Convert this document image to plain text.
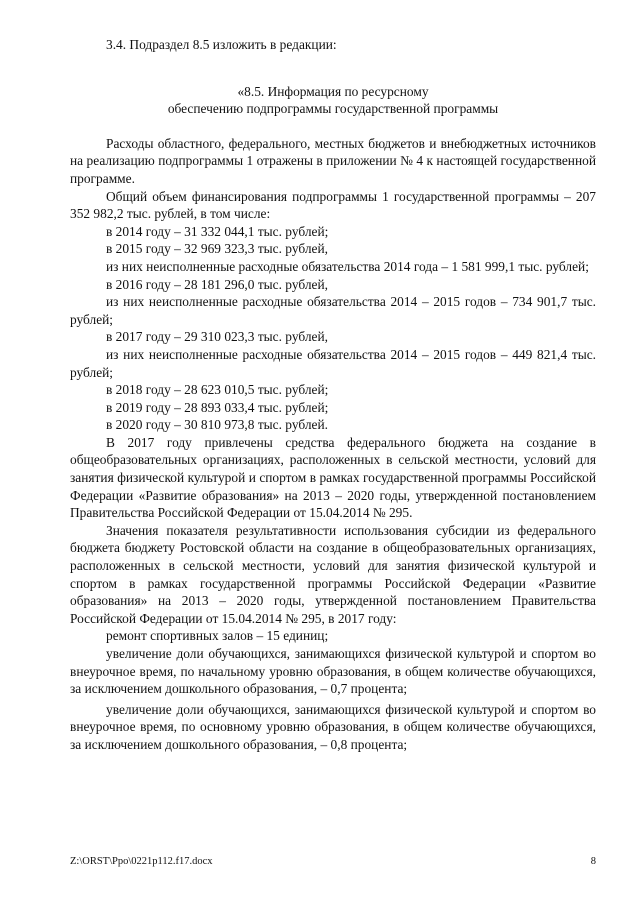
3.4. Подраздел 8.5 изложить в редакции:

«8.5. Информация по ресурсному

обеспечению подпрограммы государственной программы

Расходы областного, федерального, местных бюджетов и внебюджетных источников на реализацию подпрограммы 1 отражены в приложении № 4 к настоящей государственной программе.

Общий объем финансирования подпрограммы 1 государственной программы – 207 352 982,2 тыс. рублей, в том числе:

в 2014 году – 31 332 044,1 тыс. рублей;

в 2015 году – 32 969 323,3 тыс. рублей,

из них неисполненные расходные обязательства 2014 года – 1 581 999,1 тыс. рублей;

в 2016 году – 28 181 296,0 тыс. рублей,

из них неисполненные расходные обязательства 2014 – 2015 годов – 734 901,7 тыс. рублей;

в 2017 году – 29 310 023,3 тыс. рублей,

из них неисполненные расходные обязательства 2014 – 2015 годов – 449 821,4 тыс. рублей;

в 2018 году – 28 623 010,5 тыс. рублей;

в 2019 году – 28 893 033,4 тыс. рублей;

в 2020 году – 30 810 973,8 тыс. рублей.

В 2017 году привлечены средства федерального бюджета на создание в общеобразовательных организациях, расположенных в сельской местности, условий для занятия физической культурой и спортом в рамках государственной программы Российской Федерации «Развитие образования» на 2013 – 2020 годы, утвержденной постановлением Правительства Российской Федерации от 15.04.2014 № 295.

Значения показателя результативности использования субсидии из федерального бюджета бюджету Ростовской области на создание в общеобразовательных организациях, расположенных в сельской местности, условий для занятия физической культурой и спортом в рамках государственной программы Российской Федерации «Развитие образования» на 2013 – 2020 годы, утвержденной постановлением Правительства Российской Федерации от 15.04.2014 № 295, в 2017 году:

ремонт спортивных залов – 15 единиц;

увеличение доли обучающихся, занимающихся физической культурой и спортом во внеурочное время, по начальному уровню образования, в общем количестве обучающихся, за исключением дошкольного образования, – 0,7 процента;

увеличение доли обучающихся, занимающихся физической культурой и спортом во внеурочное время, по основному уровню образования, в общем количестве обучающихся, за исключением дошкольного образования, – 0,8 процента;

Z:\ORST\Ppo\0221p112.f17.docx	8
